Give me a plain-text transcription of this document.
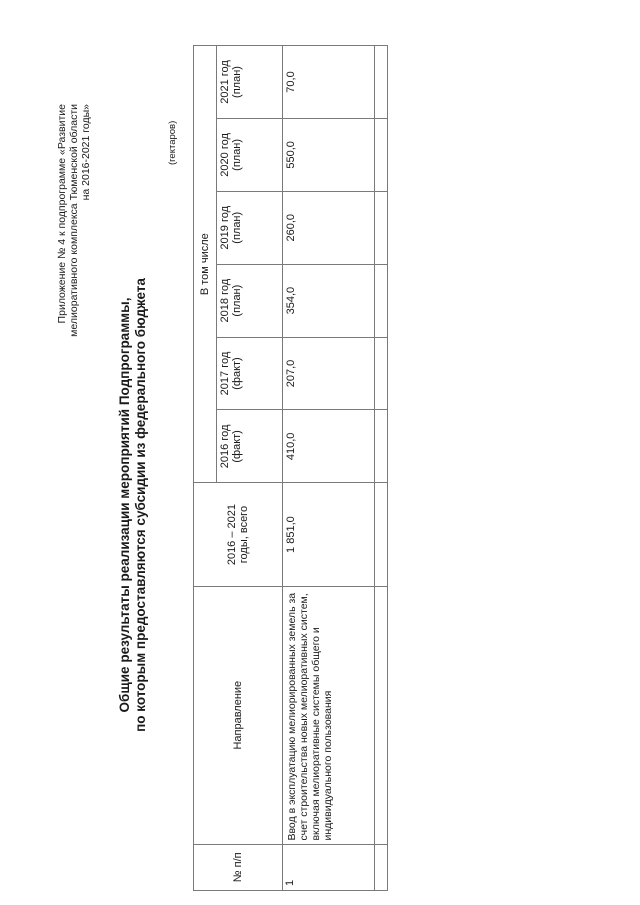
Приложение № 4 к подпрограмме «Развитие мелиоративного комплекса Тюменской области на 2016-2021 годы»
Общие результаты реализации мероприятий Подпрограммы, по которым предоставляются субсидии из федерального бюджета
(гектаров)
№ п/п	Направление	2016 – 2021 годы, всего	В том числе					

			2016 год (факт)	2017 год (факт)	2018 год (план)	2019 год (план)	2020 год (план)	2021 год (план)

1	Ввод в эксплуатацию мелиорированных земель за счет строительства новых мелиоративных систем, включая мелиоративные системы общего и индивидуального пользования	1 851,0	410,0	207,0	354,0	260,0	550,0	70,0
